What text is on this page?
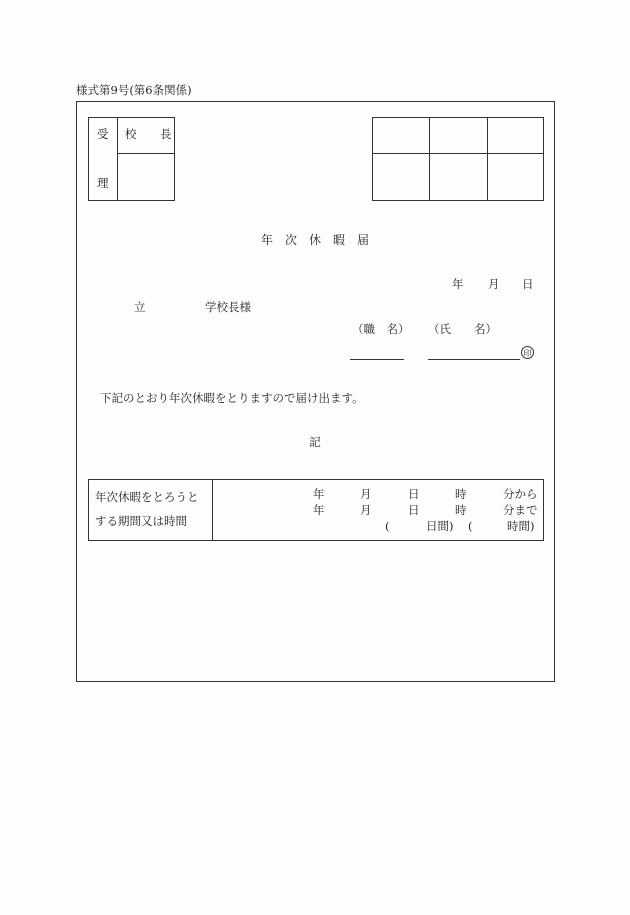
様式第9号(第6条関係)
受
理
校　長
年　次　休　暇　届
年 月 日
立	学校長様
（職　名） （氏　　名）
印
下記のとおり年次休暇をとりますので届け出ます。
記
年次休暇をとろうと
する期間又は時間
年	月	日	時	分から
年	月	日	時	分まで
(	日間) (	時間)
